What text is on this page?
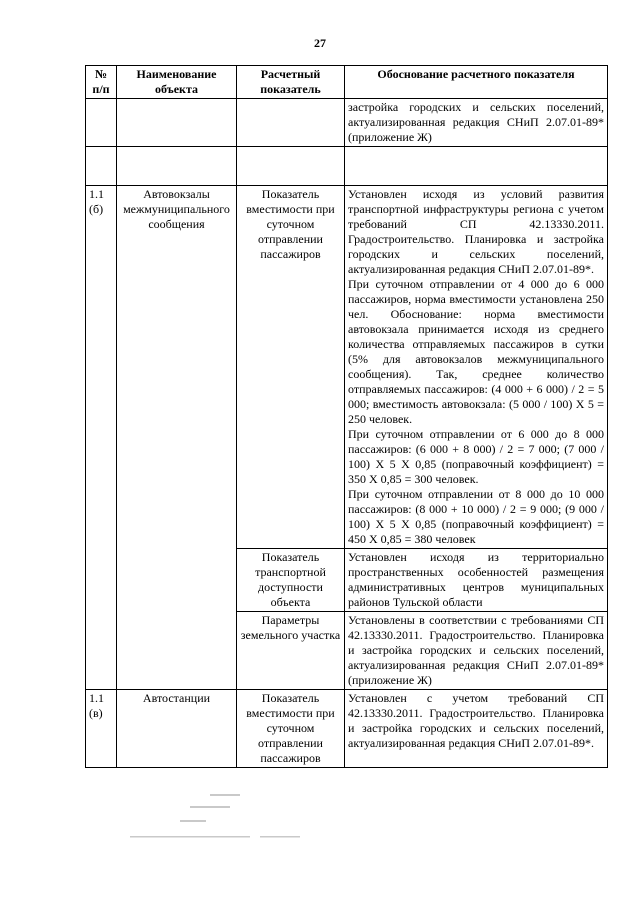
27
№ п/п	Наименование объекта	Расчетный показатель	Обоснование расчетного показателя
			застройка городских и сельских поселений, актуализированная редакция СНиП 2.07.01-89* (приложение Ж)

1.1 (б)	Автовокзалы межмуниципального сообщения	Показатель вместимости при суточном отправлении пассажиров	Установлен исходя из условий развития транспортной инфраструктуры региона с учетом требований СП 42.13330.2011. Градостроительство. Планировка и застройка городских и сельских поселений, актуализированная редакция СНиП 2.07.01-89*.

При суточном отправлении от 4 000 до 6 000 пассажиров, норма вместимости установлена 250 чел. Обоснование: норма вместимости автовокзала принимается исходя из среднего количества отправляемых пассажиров в сутки (5% для автовокзалов межмуниципального сообщения). Так, среднее количество отправляемых пассажиров: (4 000 + 6 000) / 2 = 5 000; вместимость автовокзала: (5 000 / 100) X 5 = 250 человек.

При суточном отправлении от 6 000 до 8 000 пассажиров: (6 000 + 8 000) / 2 = 7 000; (7 000 / 100) X 5 X 0,85 (поправочный коэффициент) = 350 X 0,85 = 300 человек.

При суточном отправлении от 8 000 до 10 000 пассажиров: (8 000 + 10 000) / 2 = 9 000; (9 000 / 100) X 5 X 0,85 (поправочный коэффициент) = 450 X 0,85 = 380 человек

		Показатель транспортной доступности объекта	Установлен исходя из территориально пространственных особенностей размещения административных центров муниципальных районов Тульской области
		Параметры земельного участка	Установлены в соответствии с требованиями СП 42.13330.2011. Градостроительство. Планировка и застройка городских и сельских поселений, актуализированная редакция СНиП 2.07.01-89* (приложение Ж)
1.1 (в)	Автостанции	Показатель вместимости при суточном отправлении пассажиров	Установлен с учетом требований СП 42.13330.2011. Градостроительство. Планировка и застройка городских и сельских поселений, актуализированная редакция СНиП 2.07.01-89*.
